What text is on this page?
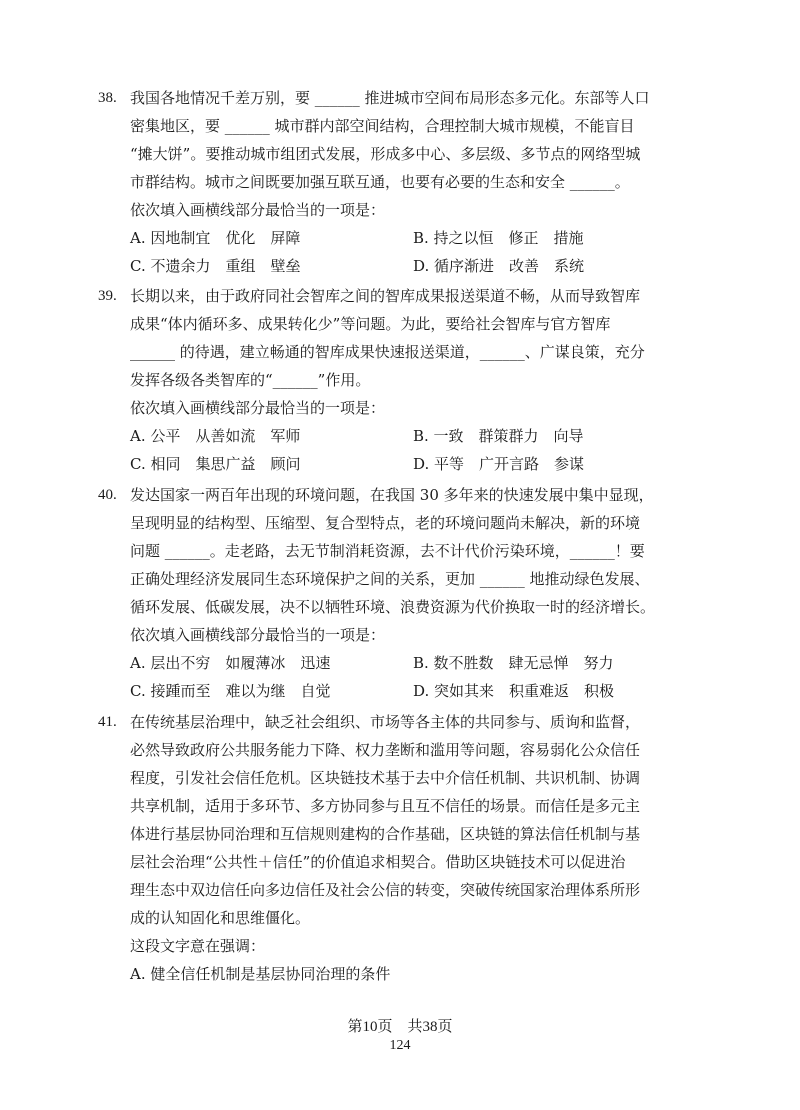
38. 我国各地情况千差万别，要 ______ 推进城市空间布局形态多元化。东部等人口
密集地区，要 ______ 城市群内部空间结构，合理控制大城市规模，不能盲目
“摊大饼”。要推动城市组团式发展，形成多中心、多层级、多节点的网络型城
市群结构。城市之间既要加强互联互通，也要有必要的生态和安全 ______。
依次填入画横线部分最恰当的一项是：
A. 因地制宜　优化　屏障	B. 持之以恒　修正　措施
C. 不遗余力　重组　壁垒	D. 循序渐进　改善　系统
39. 长期以来，由于政府同社会智库之间的智库成果报送渠道不畅，从而导致智库
成果“体内循环多、成果转化少”等问题。为此，要给社会智库与官方智库
______ 的待遇，建立畅通的智库成果快速报送渠道，______、广谋良策，充分
发挥各级各类智库的“______”作用。
依次填入画横线部分最恰当的一项是：
A. 公平　从善如流　军师	B. 一致　群策群力　向导
C. 相同　集思广益　顾问	D. 平等　广开言路　参谋
40. 发达国家一两百年出现的环境问题，在我国 30 多年来的快速发展中集中显现，
呈现明显的结构型、压缩型、复合型特点，老的环境问题尚未解决，新的环境
问题 ______。走老路，去无节制消耗资源，去不计代价污染环境，______！要
正确处理经济发展同生态环境保护之间的关系，更加 ______ 地推动绿色发展、
循环发展、低碳发展，决不以牺牲环境、浪费资源为代价换取一时的经济增长。
依次填入画横线部分最恰当的一项是：
A. 层出不穷　如履薄冰　迅速	B. 数不胜数　肆无忌惮　努力
C. 接踵而至　难以为继　自觉	D. 突如其来　积重难返　积极
41. 在传统基层治理中，缺乏社会组织、市场等各主体的共同参与、质询和监督，
必然导致政府公共服务能力下降、权力垄断和滥用等问题，容易弱化公众信任
程度，引发社会信任危机。区块链技术基于去中介信任机制、共识机制、协调
共享机制，适用于多环节、多方协同参与且互不信任的场景。而信任是多元主
体进行基层协同治理和互信规则建构的合作基础，区块链的算法信任机制与基
层社会治理“公共性＋信任”的价值追求相契合。借助区块链技术可以促进治
理生态中双边信任向多边信任及社会公信的转变，突破传统国家治理体系所形
成的认知固化和思维僵化。
这段文字意在强调：
A. 健全信任机制是基层协同治理的条件
第10页　共38页
124
